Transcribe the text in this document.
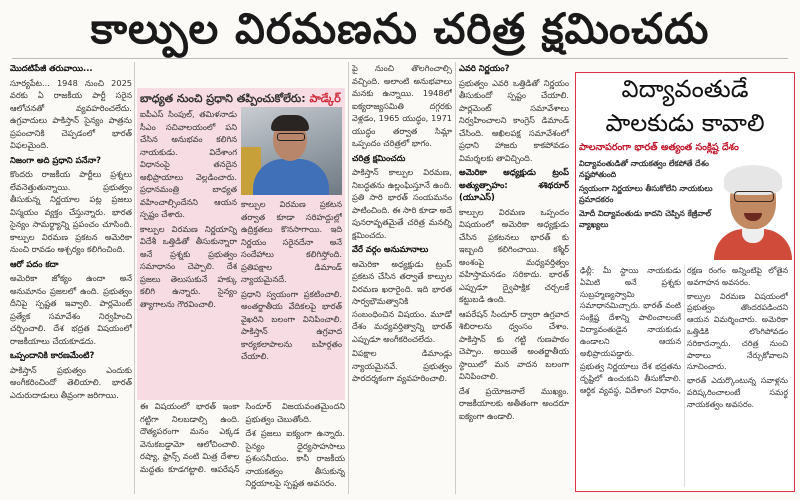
కాల్పుల విరమణను చరిత్ర క్షమించదు

మొదటిపేజీ తరువాయి...

సూర్యపేట... 1948 నుంచి 2025 వరకు ఏ రాజకీయ పార్టీ సరైన ఆలోచనతో వ్యవహరించలేదు. ఉగ్రవాదులు పాకిస్తాన్ సైన్యం పాత్రను ప్రపంచానికి చెప్పడంలో భారత్ విఫలమైంది.

నిజంగా అది ప్రధాని పనేనా?

కొందరు రాజకీయ పార్టీలు ప్రశ్నలు లేవనెత్తుతున్నాయి. ప్రభుత్వం తీసుకున్న నిర్ణయాల పట్ల ప్రజలు విస్మయం వ్యక్తం చేస్తున్నారు. భారత సైన్యం సామర్థ్యాన్ని ప్రపంచం చూసింది. కాల్పుల విరమణ ప్రకటన అమెరికా నుంచి రావడం ఆశ్చర్యం కలిగించింది.

ఆరో పదం కదా

అమెరికా జోక్యం ఉందా అనే అనుమానం ప్రజలలో ఉంది. ప్రభుత్వం దీనిపై స్పష్టత ఇవ్వాలి. పార్లమెంట్ ప్రత్యేక సమావేశం నిర్వహించి చర్చించాలి. దేశ భద్రత విషయంలో రాజకీయాలు చేయకూడదు.

ఒప్పందానికి కారణమేంటి?

పాకిస్తాన్ ప్రభుత్వం ఎందుకు అంగీకరించిందో తెలియాలి. భారత్ ఎదురుదాడులు తీవ్రంగా జరిగాయి.

బాధ్యత నుంచి ప్రధాని తప్పించుకోలేరు: పాడ్కేర్

ఐపీఎస్ సింపుల్, తమిళనాడు సీఎం సచివాలయంలో పని చేసిన అనుభవం కలిగిన నాయకుడు. విదేశాంగ విధానంపై తనదైన అభిప్రాయాలు వెల్లడించారు. ప్రధానమంత్రి బాధ్యత వహించాల్సిందేనని ఆయన స్పష్టం చేశారు.

కాల్పుల విరమణ నిర్ణయాన్ని విదేశీ ఒత్తిడితో తీసుకున్నారా అనే ప్రశ్నకు ప్రభుత్వం సమాధానం చెప్పాలి. దేశ ప్రజలు తెలుసుకునే హక్కు కలిగి ఉన్నారు. సైన్యం త్యాగాలను గౌరవించాలి.

ఈ విషయంలో భారత్ ఇంకా గట్టిగా నిలబడాల్సి ఉంది. దౌత్యపరంగా మనం ఎక్కడ వెనుకబడ్డామో ఆలోచించాలి. రష్యా, ఫ్రాన్స్ వంటి మిత్ర దేశాల మద్దతు కూడగట్టాలి. ఆపరేషన్ సిందూర్ విజయవంతమైందని ప్రభుత్వం చెబుతోంది.

దేశ ప్రజలు ఐక్యంగా ఉన్నారు. సైన్యం ధైర్యసాహసాలు ప్రశంసనీయం. కానీ రాజకీయ నాయకత్వం తీసుకున్న నిర్ణయాలపై స్పష్టత అవసరం.

కాల్పుల విరమణ ప్రకటన తర్వాత కూడా సరిహద్దుల్లో ఉద్రిక్తతలు కొనసాగాయి. ఇది నిర్ణయం సరైనదేనా అనే సందేహాలు కలిగిస్తోంది. ప్రతిపక్షాల డిమాండ్ న్యాయమైనదే.

ప్రధాని స్వయంగా ప్రకటించాలి. అంతర్జాతీయ వేదికలపై భారత్ వైఖరిని బలంగా వినిపించాలి. పాకిస్తాన్ ఉగ్రవాద కార్యకలాపాలను బహిర్గతం చేయాలి.

పై నుంచి తొలగించాల్సి వచ్చింది. అలాంటి అనుభవాలు మనకు ఉన్నాయి. 1948లో ఐక్యరాజ్యసమితి దగ్గరకు వెళ్లడం, 1965 యుద్ధం, 1971 యుద్ధం తర్వాత సిమ్లా ఒప్పందం చరిత్రలో భాగం.

చరిత్ర క్షమించదు

పాకిస్తాన్ కాల్పుల విరమణ, నిబద్ధతను ఉల్లంఘిస్తూనే ఉంది. ప్రతి సారి భారత్ సంయమనం పాటించింది. ఈ సారి కూడా అదే పునరావృతమైతే చరిత్ర మనల్ని క్షమించదు.

వేరే వర్గం అనుమానాలు

అమెరికా అధ్యక్షుడు ట్రంప్ ప్రకటన చేసిన తర్వాతే కాల్పుల విరమణ ఖరారైంది. ఇది భారత సార్వభౌమత్వానికి సంబంధించిన విషయం. మూడో దేశం మధ్యవర్తిత్వాన్ని భారత్ ఎప్పుడూ అంగీకరించలేదు.

విపక్షాల డిమాండ్లు న్యాయమైనవే. ప్రభుత్వం పారదర్శకంగా వ్యవహరించాలి.

ఎవరి నిర్ణయం?

ప్రభుత్వం ఎవరి ఒత్తిడితో నిర్ణయం తీసుకుందో స్పష్టం చేయాలి. పార్లమెంట్ సమావేశాలు నిర్వహించాలని కాంగ్రెస్ డిమాండ్ చేసింది. అఖిలపక్ష సమావేశంలో ప్రధాని హాజరు కాకపోవడం విమర్శలకు తావిచ్చింది.

అమెరికా అధ్యక్షుడు ట్రంప్ అత్యుత్సాహం: శశిథరూర్ (యూఎస్)

కాల్పుల విరమణ ఒప్పందం విషయంలో అమెరికా అధ్యక్షుడు చేసిన ప్రకటనలు భారత్ కు ఇబ్బంది కలిగించాయి. కశ్మీర్ అంశంపై మధ్యవర్తిత్వం వహిస్తామనడం సరికాదు. భారత్ ఎప్పుడూ ద్వైపాక్షిక చర్చలకే కట్టుబడి ఉంది.

ఆపరేషన్ సిందూర్ ద్వారా ఉగ్రవాద శిబిరాలను ధ్వంసం చేశాం. పాకిస్తాన్ కు గట్టి గుణపాఠం చెప్పాం. అయితే అంతర్జాతీయ స్థాయిలో మన వాదన బలంగా వినిపించాలి.

దేశ ప్రయోజనాలే ముఖ్యం. రాజకీయాలకు అతీతంగా అందరూ ఐక్యంగా ఉండాలి.

విద్యావంతుడే
పాలకుడు కావాలి
పాలనాపరంగా భారత్ అత్యంత సంక్లిష్ట దేశం
విద్యావంతుడితో నాయకత్వం లేకపోతే దేశం నష్టపోతుంది
స్వయంగా నిర్ణయాలు తీసుకోలేని నాయకులు ప్రమాదకరం
మోదీ విద్యావంతుడు కాదని చెప్పిన కేజ్రీవాల్ వ్యాఖ్యలు

ఢిల్లీ: మీ స్థాయి నాయకుడు ఏమిటి అనే ప్రశ్నకు సుబ్రహ్మణ్యస్వామి సమాధానమిచ్చారు. భారత్ వంటి సంక్లిష్ట దేశాన్ని పాలించాలంటే విద్యావంతుడైన నాయకుడు ఉండాలని ఆయన అభిప్రాయపడ్డారు.

ప్రభుత్వ నిర్ణయాలు దేశ భద్రతను దృష్టిలో ఉంచుకుని తీసుకోవాలి. ఆర్థిక వ్యవస్థ, విదేశాంగ విధానం, రక్షణ రంగం అన్నింటిపై లోతైన అవగాహన అవసరం.

కాల్పుల విరమణ విషయంలో ప్రభుత్వం తొందరపడిందని ఆయన విమర్శించారు. అమెరికా ఒత్తిడికి లొంగిపోవడం సరికాదన్నారు. చరిత్ర నుంచి పాఠాలు నేర్చుకోవాలని సూచించారు.

భారత్ ఎదుర్కొంటున్న సవాళ్లను పరిష్కరించాలంటే సమర్థ నాయకత్వం అవసరం.
